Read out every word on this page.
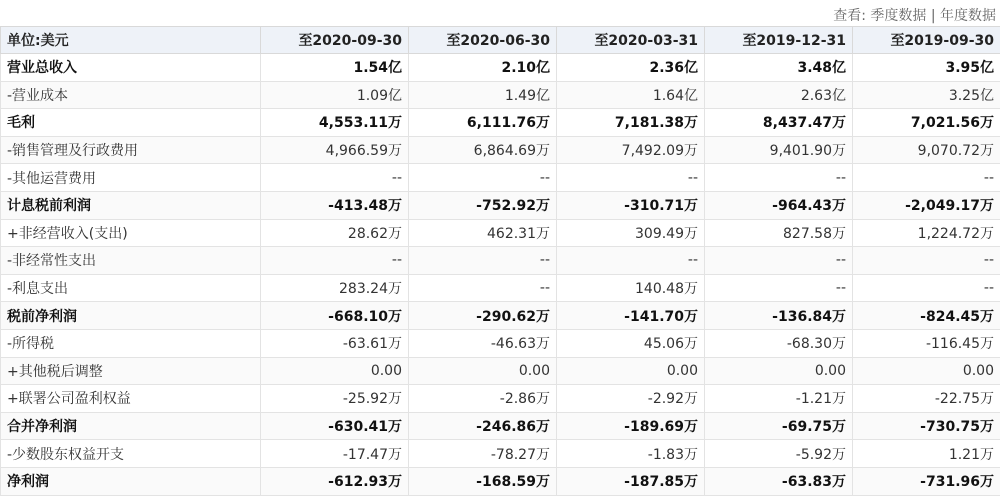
查看: 季度数据 | 年度数据
单位:美元	至2020-09-30	至2020-06-30	至2020-03-31	至2019-12-31	至2019-09-30
营业总收入	1.54亿	2.10亿	2.36亿	3.48亿	3.95亿
-营业成本	1.09亿	1.49亿	1.64亿	2.63亿	3.25亿
毛利	4,553.11万	6,111.76万	7,181.38万	8,437.47万	7,021.56万
-销售管理及行政费用	4,966.59万	6,864.69万	7,492.09万	9,401.90万	9,070.72万
-其他运营费用	--	--	--	--	--
计息税前利润	-413.48万	-752.92万	-310.71万	-964.43万	-2,049.17万
+非经营收入(支出)	28.62万	462.31万	309.49万	827.58万	1,224.72万
-非经常性支出	--	--	--	--	--
-利息支出	283.24万	--	140.48万	--	--
税前净利润	-668.10万	-290.62万	-141.70万	-136.84万	-824.45万
-所得税	-63.61万	-46.63万	45.06万	-68.30万	-116.45万
+其他税后调整	0.00	0.00	0.00	0.00	0.00
+联署公司盈利权益	-25.92万	-2.86万	-2.92万	-1.21万	-22.75万
合并净利润	-630.41万	-246.86万	-189.69万	-69.75万	-730.75万
-少数股东权益开支	-17.47万	-78.27万	-1.83万	-5.92万	1.21万
净利润	-612.93万	-168.59万	-187.85万	-63.83万	-731.96万
